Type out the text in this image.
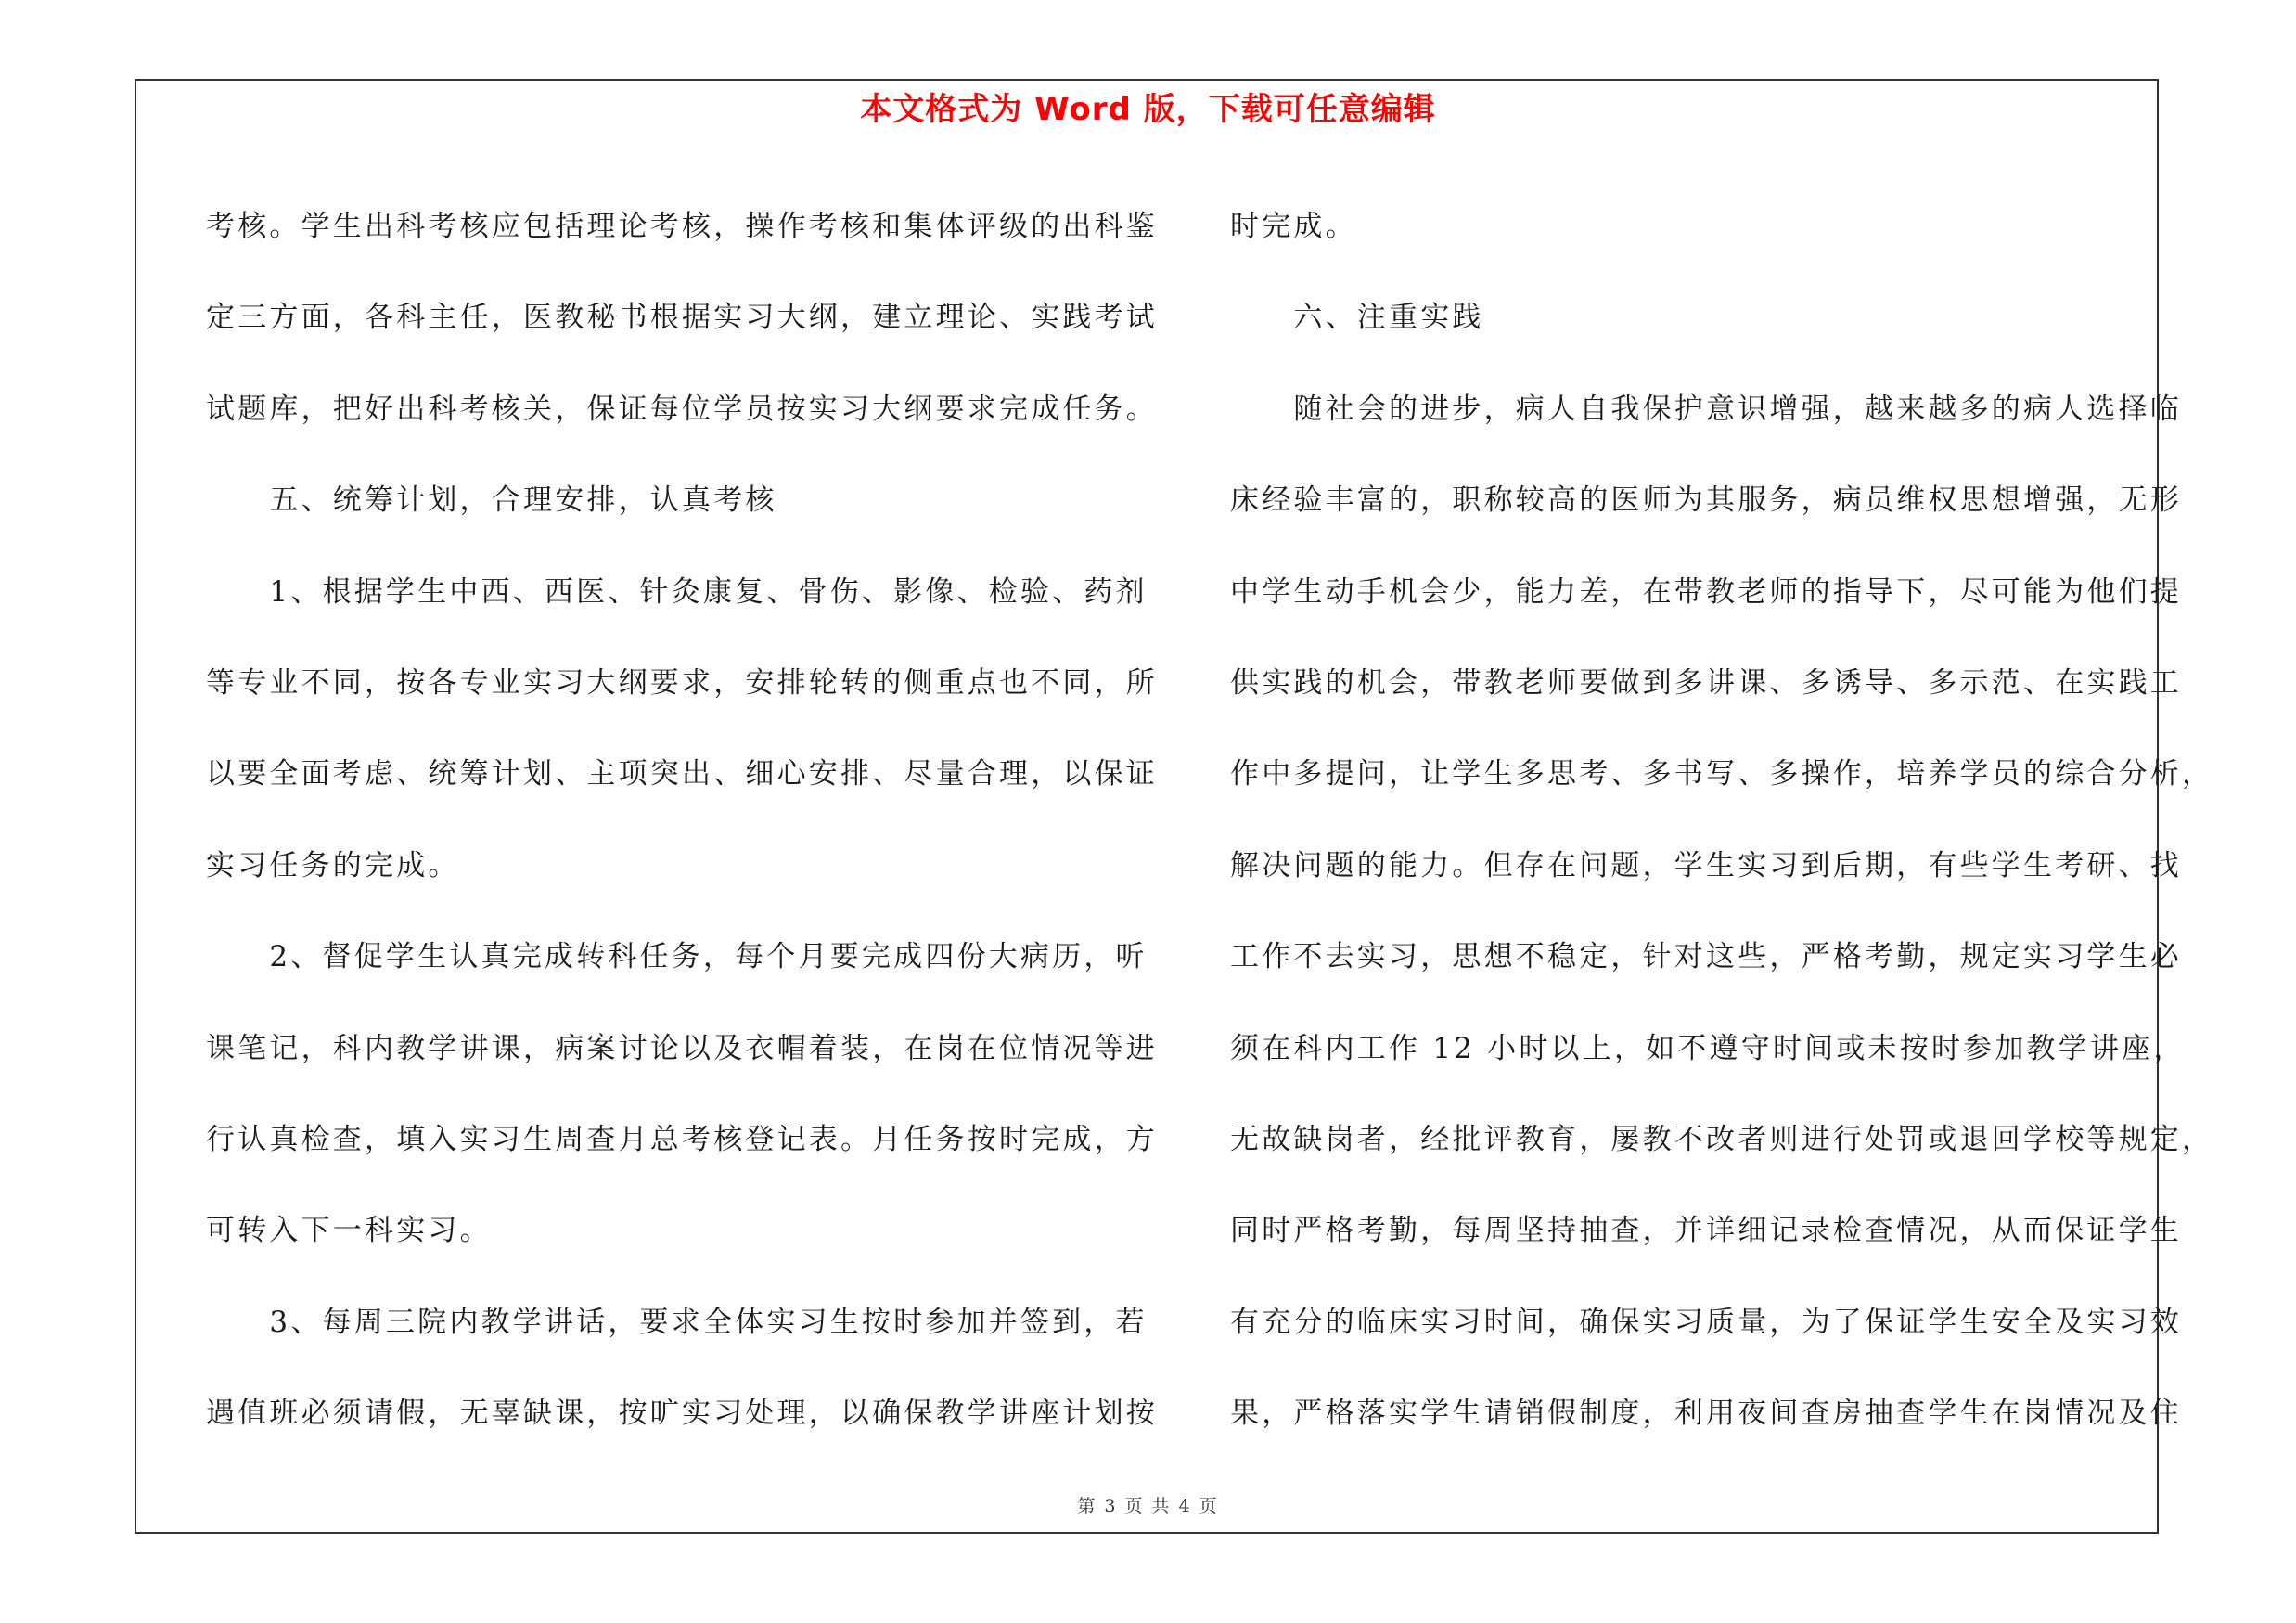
本文格式为 Word 版，下载可任意编辑
考核。学生出科考核应包括理论考核，操作考核和集体评级的出科鉴
定三方面，各科主任，医教秘书根据实习大纲，建立理论、实践考试
试题库，把好出科考核关，保证每位学员按实习大纲要求完成任务。
　　五、统筹计划，合理安排，认真考核
　　1、根据学生中西、西医、针灸康复、骨伤、影像、检验、药剂
等专业不同，按各专业实习大纲要求，安排轮转的侧重点也不同，所
以要全面考虑、统筹计划、主项突出、细心安排、尽量合理，以保证
实习任务的完成。
　　2、督促学生认真完成转科任务，每个月要完成四份大病历，听
课笔记，科内教学讲课，病案讨论以及衣帽着装，在岗在位情况等进
行认真检查，填入实习生周查月总考核登记表。月任务按时完成，方
可转入下一科实习。
　　3、每周三院内教学讲话，要求全体实习生按时参加并签到，若
遇值班必须请假，无辜缺课，按旷实习处理，以确保教学讲座计划按
时完成。
　　六、注重实践
　　随社会的进步，病人自我保护意识增强，越来越多的病人选择临
床经验丰富的，职称较高的医师为其服务，病员维权思想增强，无形
中学生动手机会少，能力差，在带教老师的指导下，尽可能为他们提
供实践的机会，带教老师要做到多讲课、多诱导、多示范、在实践工
作中多提问，让学生多思考、多书写、多操作，培养学员的综合分析，
解决问题的能力。但存在问题，学生实习到后期，有些学生考研、找
工作不去实习，思想不稳定，针对这些，严格考勤，规定实习学生必
须在科内工作 12 小时以上，如不遵守时间或未按时参加教学讲座，
无故缺岗者，经批评教育，屡教不改者则进行处罚或退回学校等规定，
同时严格考勤，每周坚持抽查，并详细记录检查情况，从而保证学生
有充分的临床实习时间，确保实习质量，为了保证学生安全及实习效
果，严格落实学生请销假制度，利用夜间查房抽查学生在岗情况及住
第 3 页 共 4 页
